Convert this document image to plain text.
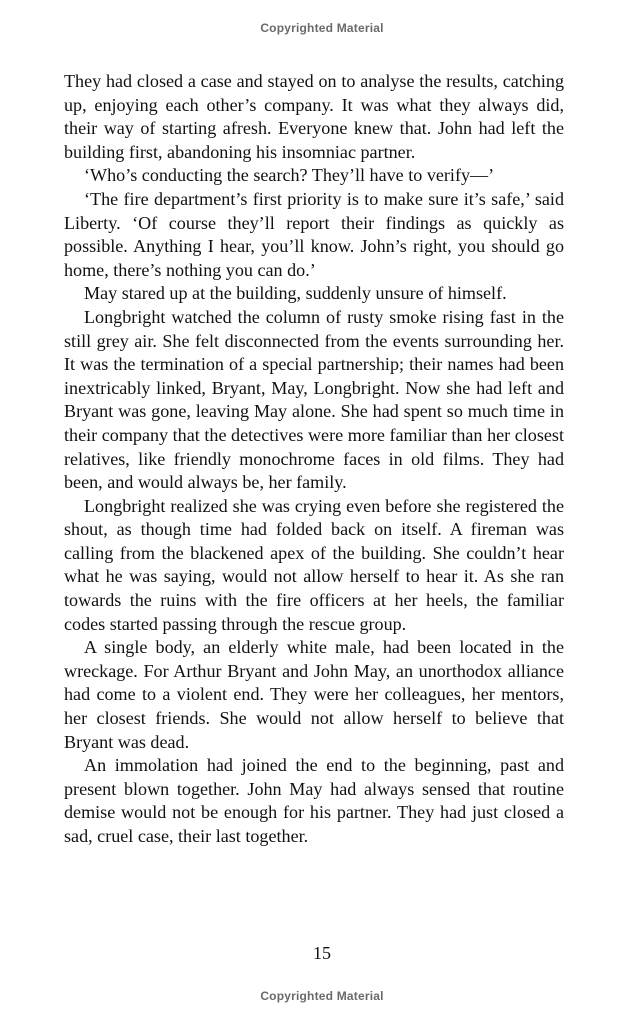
Copyrighted Material

They had closed a case and stayed on to analyse the results, catching up, enjoying each other’s company. It was what they always did, their way of starting afresh. Everyone knew that. John had left the building first, abandoning his insomniac partner.

‘Who’s conducting the search? They’ll have to verify—’

‘The fire department’s first priority is to make sure it’s safe,’ said Liberty. ‘Of course they’ll report their findings as quickly as possible. Anything I hear, you’ll know. John’s right, you should go home, there’s nothing you can do.’

May stared up at the building, suddenly unsure of himself.

Longbright watched the column of rusty smoke rising fast in the still grey air. She felt disconnected from the events surrounding her. It was the termination of a special partnership; their names had been inextricably linked, Bryant, May, Longbright. Now she had left and Bryant was gone, leaving May alone. She had spent so much time in their company that the detectives were more familiar than her closest relatives, like friendly monochrome faces in old films. They had been, and would always be, her family.

Longbright realized she was crying even before she registered the shout, as though time had folded back on itself. A fireman was calling from the blackened apex of the building. She couldn’t hear what he was saying, would not allow herself to hear it. As she ran towards the ruins with the fire officers at her heels, the familiar codes started passing through the rescue group.

A single body, an elderly white male, had been located in the wreckage. For Arthur Bryant and John May, an unorthodox alliance had come to a violent end. They were her colleagues, her mentors, her closest friends. She would not allow herself to believe that Bryant was dead.

An immolation had joined the end to the beginning, past and present blown together. John May had always sensed that routine demise would not be enough for his partner. They had just closed a sad, cruel case, their last together.

15
Copyrighted Material
